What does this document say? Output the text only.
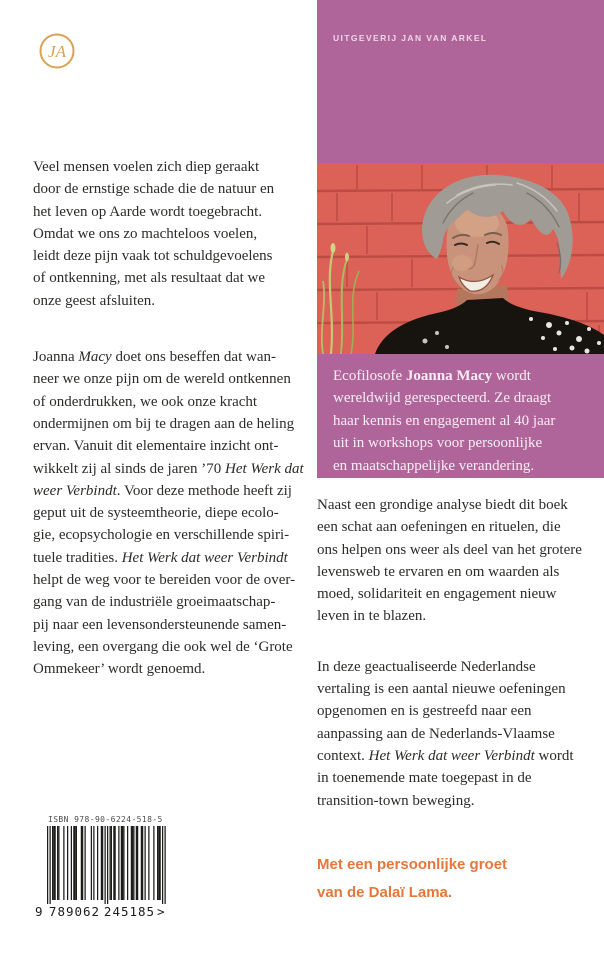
JA
UITGEVERIJ JAN VAN ARKEL
Ecofilosofe Joanna Macy wordt
wereldwijd gerespecteerd. Ze draagt
haar kennis en engagement al 40 jaar
uit in workshops voor persoonlijke
en maatschappelijke verandering.
Veel mensen voelen zich diep geraakt
door de ernstige schade die de natuur en
het leven op Aarde wordt toegebracht.
Omdat we ons zo machteloos voelen,
leidt deze pijn vaak tot schuldgevoelens
of ontkenning, met als resultaat dat we
onze geest afsluiten.
Joanna Macy doet ons beseffen dat wan-
neer we onze pijn om de wereld ontkennen
of onderdrukken, we ook onze kracht
ondermijnen om bij te dragen aan de heling
ervan. Vanuit dit elementaire inzicht ont-
wikkelt zij al sinds de jaren ’70 Het Werk dat
weer Verbindt. Voor deze methode heeft zij
geput uit de systeemtheorie, diepe ecolo-
gie, ecopsychologie en verschillende spiri-
tuele tradities. Het Werk dat weer Verbindt
helpt de weg voor te bereiden voor de over-
gang van de industriële groeimaatschap-
pij naar een levensondersteunende samen-
leving, een overgang die ook wel de ‘Grote
Ommekeer’ wordt genoemd.
Naast een grondige analyse biedt dit boek
een schat aan oefeningen en rituelen, die
ons helpen ons weer als deel van het grotere
levensweb te ervaren en om waarden als
moed, solidariteit en engagement nieuw
leven in te blazen.
In deze geactualiseerde Nederlandse
vertaling is een aantal nieuwe oefeningen
opgenomen en is gestreefd naar een
aanpassing aan de Nederlands-Vlaamse
context. Het Werk dat weer Verbindt wordt
in toenemende mate toegepast in de
transition-town beweging.
Met een persoonlijke groet
van de Dalaï Lama.
ISBN 978-90-6224-518-5
9 789062 245185 >
